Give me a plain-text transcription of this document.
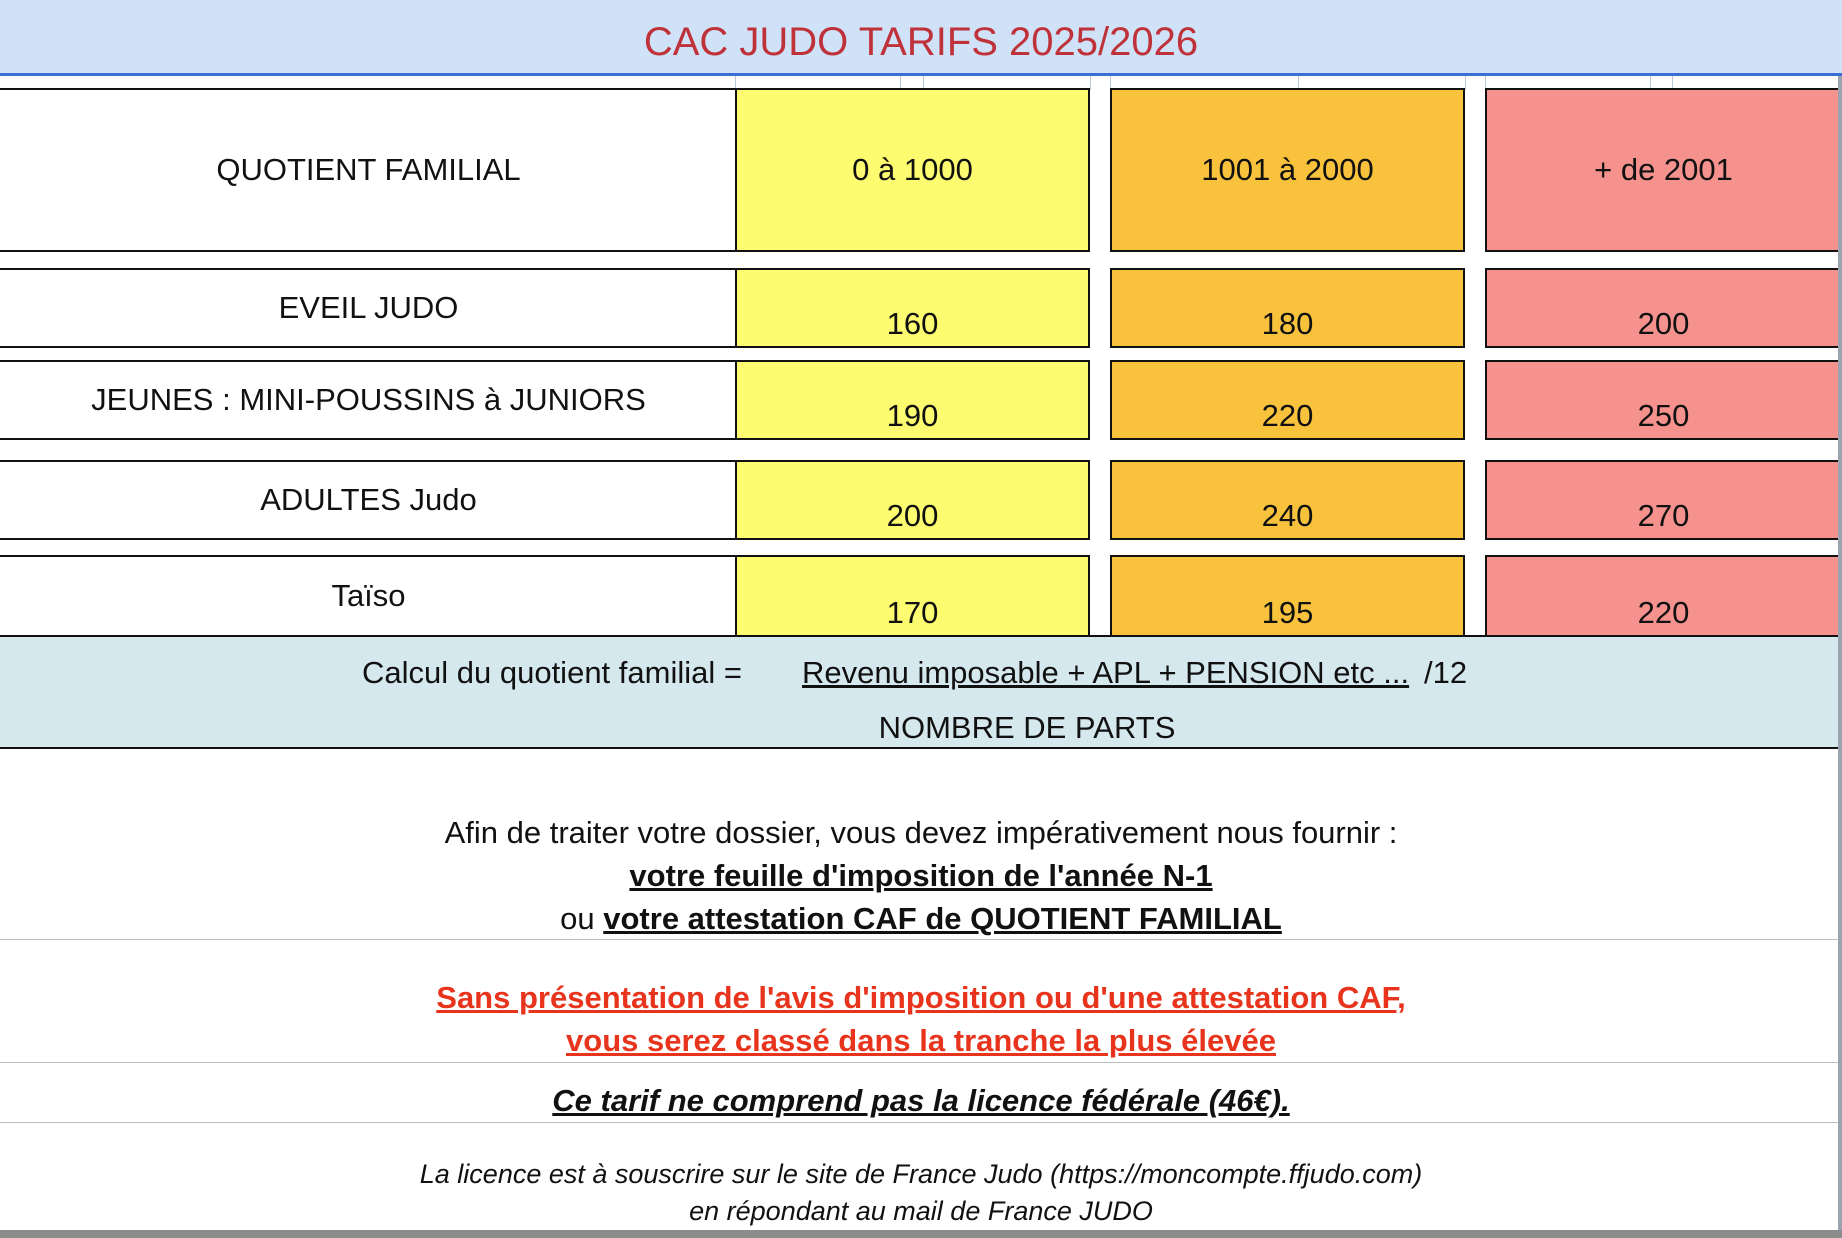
CAC JUDO TARIFS 2025/2026
QUOTIENT FAMILIAL	0 à 1000	1001 à 2000	+ de 2001
EVEIL JUDO	160	180	200
JEUNES : MINI-POUSSINS à JUNIORS	190	220	250
ADULTES Judo	200	240	270
Taïso	170	195	220
Calcul du quotient familial = Revenu imposable + APL + PENSION etc ... /12
NOMBRE DE PARTS
Afin de traiter votre dossier, vous devez impérativement nous fournir :
votre feuille d'imposition de l'année N-1
ou votre attestation CAF de QUOTIENT FAMILIAL
Sans présentation de l'avis d'imposition ou d'une attestation CAF,
vous serez classé dans la tranche la plus élevée
Ce tarif ne comprend pas la licence fédérale (46€).
La licence est à souscrire sur le site de France Judo (https://moncompte.ffjudo.com)
en répondant au mail de France JUDO
